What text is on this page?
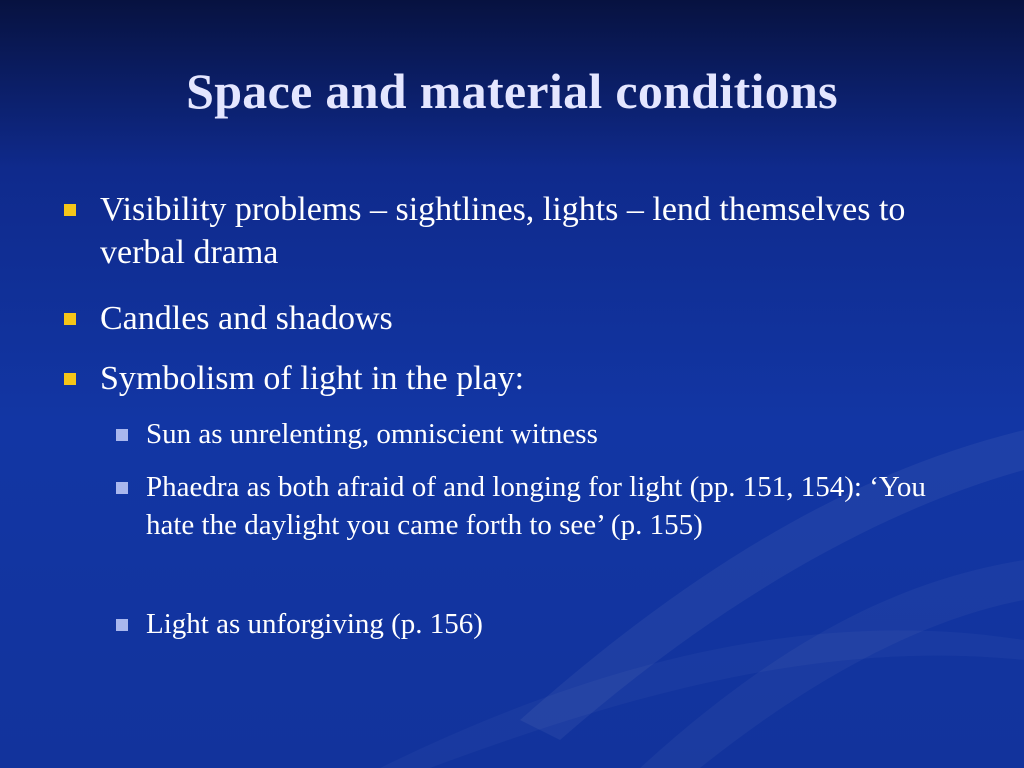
Space and material conditions
Visibility problems – sightlines, lights – lend themselves to verbal drama
Candles and shadows
Symbolism of light in the play:
Sun as unrelenting, omniscient witness
Phaedra as both afraid of and longing for light (pp. 151, 154): ‘You hate the daylight you came forth to see’ (p. 155)
Light as unforgiving (p. 156)
